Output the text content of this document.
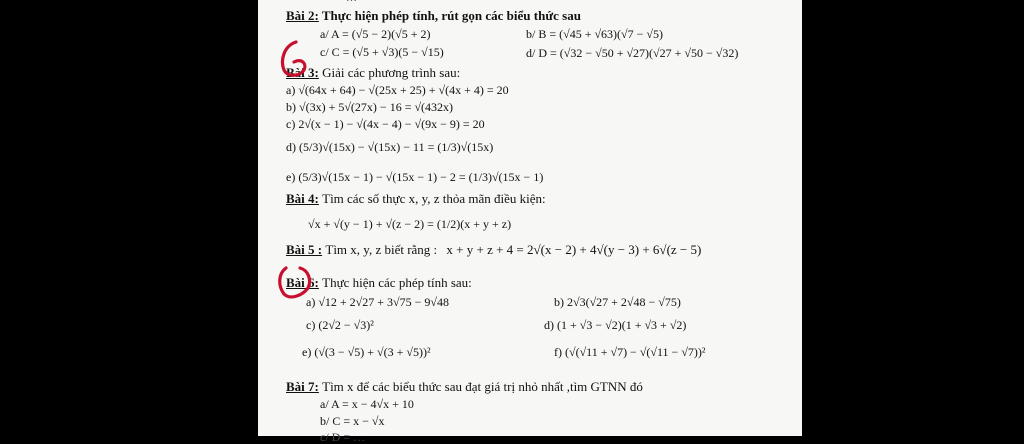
Bài 2: Thực hiện phép tính, rút gọn các biểu thức sau
a/ A = (√5 − 2)(√5 + 2)	b/ B = (√45 + √63)(√7 − √5)
c/ C = (√5 + √3)(5 − √15)	d/ D = (√32 − √50 + √27)(√27 + √50 − √32)
Bài 3: Giải các phương trình sau:
a) √(64x + 64) − √(25x + 25) + √(4x + 4) = 20
b) √(3x) + 5√(27x) − 16 = √(432x)
c) 2√(x − 1) − √(4x − 4) − √(9x − 9) = 20
d) (5/3)√(15x) − √(15x) − 11 = (1/3)√(15x)
e) (5/3)√(15x − 1) − √(15x − 1) − 2 = (1/3)√(15x − 1)
Bài 4: Tìm các số thực x, y, z thỏa mãn điều kiện:
√x + √(y − 1) + √(z − 2) = (1/2)(x + y + z)
Bài 5 : Tìm x, y, z biết rằng : x + y + z + 4 = 2√(x − 2) + 4√(y − 3) + 6√(z − 5)
Bài 6: Thực hiện các phép tính sau:
a) √12 + 2√27 + 3√75 − 9√48	b) 2√3(√27 + 2√48 − √75)
c) (2√2 − √3)²	d) (1 + √3 − √2)(1 + √3 + √2)
e) (√(3 − √5) + √(3 + √5))²	f) (√(√11 + √7) − √(√11 − √7))²
Bài 7: Tìm x để các biểu thức sau đạt giá trị nhỏ nhất ,tìm GTNN đó
a/ A = x − 4√x + 10
b/ C = x − √x
c/ D = …
